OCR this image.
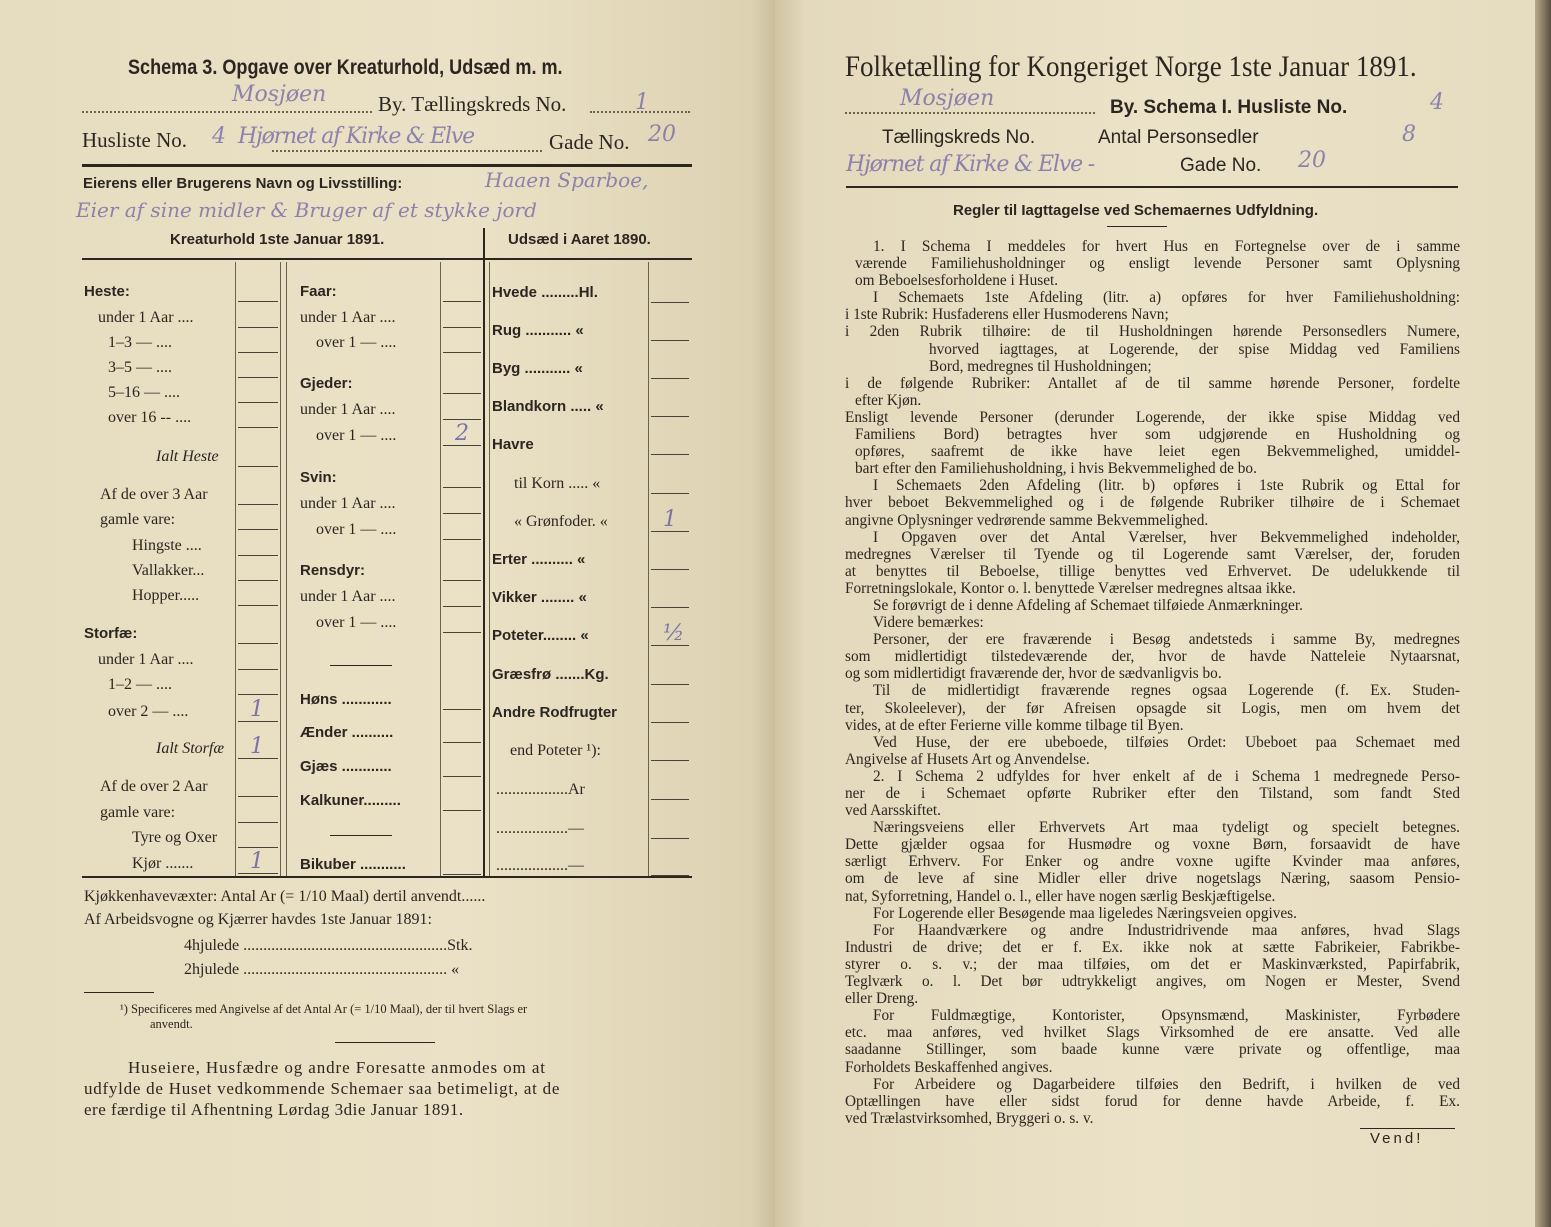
Schema 3. Opgave over Kreaturhold, Udsæd m. m.
Mosjøen By. Tællingskreds No.	1
Husliste No. 4 Hjørnet af Kirke & Elve	Gade No. 20
Eierens eller Brugerens Navn og Livsstilling:	Haaen Sparboe,
Eier af sine midler & Bruger af et stykke jord
Kreaturhold 1ste Januar 1891.	Udsæd i Aaret 1890.
Heste:
under 1 Aar ....
1–3 — ....
3–5 — ....
5–16 — ....
over 16 -- ....
Ialt Heste
Af de over 3 Aar
gamle vare:
Hingste ....
Vallakker...
Hopper.....
Storfæ:
under 1 Aar ....
1–2 — ....
over 2 — ....	1
Ialt Storfæ 1
Af de over 2 Aar
gamle vare:
Tyre og Oxer
Kjør .......	1
Faar:
under 1 Aar ....
over 1 — ....
Gjeder:
under 1 Aar ....
over 1 — ....	2
Svin:
under 1 Aar ....
over 1 — ....
Rensdyr:
under 1 Aar ....
over 1 — ....
Høns ............
Ænder ..........
Gjæs ............
Kalkuner.........
Bikuber ...........
Hvede .........Hl.
Rug ........... «
Byg ........... «
Blandkorn ..... «
Havre
til Korn ..... «
« Grønfoder. «	1
Erter .......... «
Vikker ........ «
Poteter........ «	½
Græsfrø .......Kg.
Andre Rodfrugter
end Poteter ¹):
..................Ar
..................—
..................—
Kjøkkenhavevæxter: Antal Ar (= 1/10 Maal) dertil anvendt......
Af Arbeidsvogne og Kjærrer havdes 1ste Januar 1891:
4hjulede ...................................................Stk.
2hjulede ................................................... «
¹) Specificeres med Angivelse af det Antal Ar (= 1/10 Maal), der til hvert Slags er
anvendt.
Huseiere, Husfædre og andre Foresatte anmodes om at
udfylde de Huset vedkommende Schemaer saa betimeligt, at de
ere færdige til Afhentning Lørdag 3die Januar 1891.
Folketælling for Kongeriget Norge 1ste Januar 1891.
Mosjøen	By. Schema I. Husliste No.	4
Tællingskreds No.	Antal Personsedler	8
Hjørnet af Kirke & Elve -	Gade No. 20
Regler til Iagttagelse ved Schemaernes Udfyldning.
1. I Schema I meddeles for hvert Hus en Fortegnelse over de i samme
værende Familiehusholdninger og ensligt levende Personer samt Oplysning
om Beboelsesforholdene i Huset.
I Schemaets 1ste Afdeling (litr. a) opføres for hver Familiehusholdning:
i 1ste Rubrik: Husfaderens eller Husmoderens Navn;
i 2den Rubrik tilhøire: de til Husholdningen hørende Personsedlers Numere,
hvorved iagttages, at Logerende, der spise Middag ved Familiens
Bord, medregnes til Husholdningen;
i de følgende Rubriker: Antallet af de til samme hørende Personer, fordelte
efter Kjøn.
Ensligt levende Personer (derunder Logerende, der ikke spise Middag ved
Familiens Bord) betragtes hver som udgjørende en Husholdning og
opføres, saafremt de ikke have leiet egen Bekvemmelighed, umiddel-
bart efter den Familiehusholdning, i hvis Bekvemmelighed de bo.
I Schemaets 2den Afdeling (litr. b) opføres i 1ste Rubrik og Ettal for
hver beboet Bekvemmelighed og i de følgende Rubriker tilhøire de i Schemaet
angivne Oplysninger vedrørende samme Bekvemmelighed.
I Opgaven over det Antal Værelser, hver Bekvemmelighed indeholder,
medregnes Værelser til Tyende og til Logerende samt Værelser, der, foruden
at benyttes til Beboelse, tillige benyttes ved Erhvervet. De udelukkende til
Forretningslokale, Kontor o. l. benyttede Værelser medregnes altsaa ikke.
Se forøvrigt de i denne Afdeling af Schemaet tilføiede Anmærkninger.
Videre bemærkes:
Personer, der ere fraværende i Besøg andetsteds i samme By, medregnes
som midlertidigt tilstedeværende der, hvor de havde Natteleie Nytaarsnat,
og som midlertidigt fraværende der, hvor de sædvanligvis bo.
Til de midlertidigt fraværende regnes ogsaa Logerende (f. Ex. Studen-
ter, Skoleelever), der før Afreisen opsagde sit Logis, men om hvem det
vides, at de efter Ferierne ville komme tilbage til Byen.
Ved Huse, der ere ubeboede, tilføies Ordet: Ubeboet paa Schemaet med
Angivelse af Husets Art og Anvendelse.
2. I Schema 2 udfyldes for hver enkelt af de i Schema 1 medregnede Perso-
ner de i Schemaet opførte Rubriker efter den Tilstand, som fandt Sted
ved Aarsskiftet.
Næringsveiens eller Erhvervets Art maa tydeligt og specielt betegnes.
Dette gjælder ogsaa for Husmødre og voxne Børn, forsaavidt de have
særligt Erhverv. For Enker og andre voxne ugifte Kvinder maa anføres,
om de leve af sine Midler eller drive nogetslags Næring, saasom Pensio-
nat, Syforretning, Handel o. l., eller have nogen særlig Beskjæftigelse.
For Logerende eller Besøgende maa ligeledes Næringsveien opgives.
For Haandværkere og andre Industridrivende maa anføres, hvad Slags
Industri de drive; det er f. Ex. ikke nok at sætte Fabrikeier, Fabrikbe-
styrer o. s. v.; der maa tilføies, om det er Maskinværksted, Papirfabrik,
Teglværk o. l. Det bør udtrykkeligt angives, om Nogen er Mester, Svend
eller Dreng.
For Fuldmægtige, Kontorister, Opsynsmænd, Maskinister, Fyrbødere
etc. maa anføres, ved hvilket Slags Virksomhed de ere ansatte. Ved alle
saadanne Stillinger, som baade kunne være private og offentlige, maa
Forholdets Beskaffenhed angives.
For Arbeidere og Dagarbeidere tilføies den Bedrift, i hvilken de ved
Optællingen have eller sidst forud for denne havde Arbeide, f. Ex.
ved Trælastvirksomhed, Bryggeri o. s. v.
Vend!
